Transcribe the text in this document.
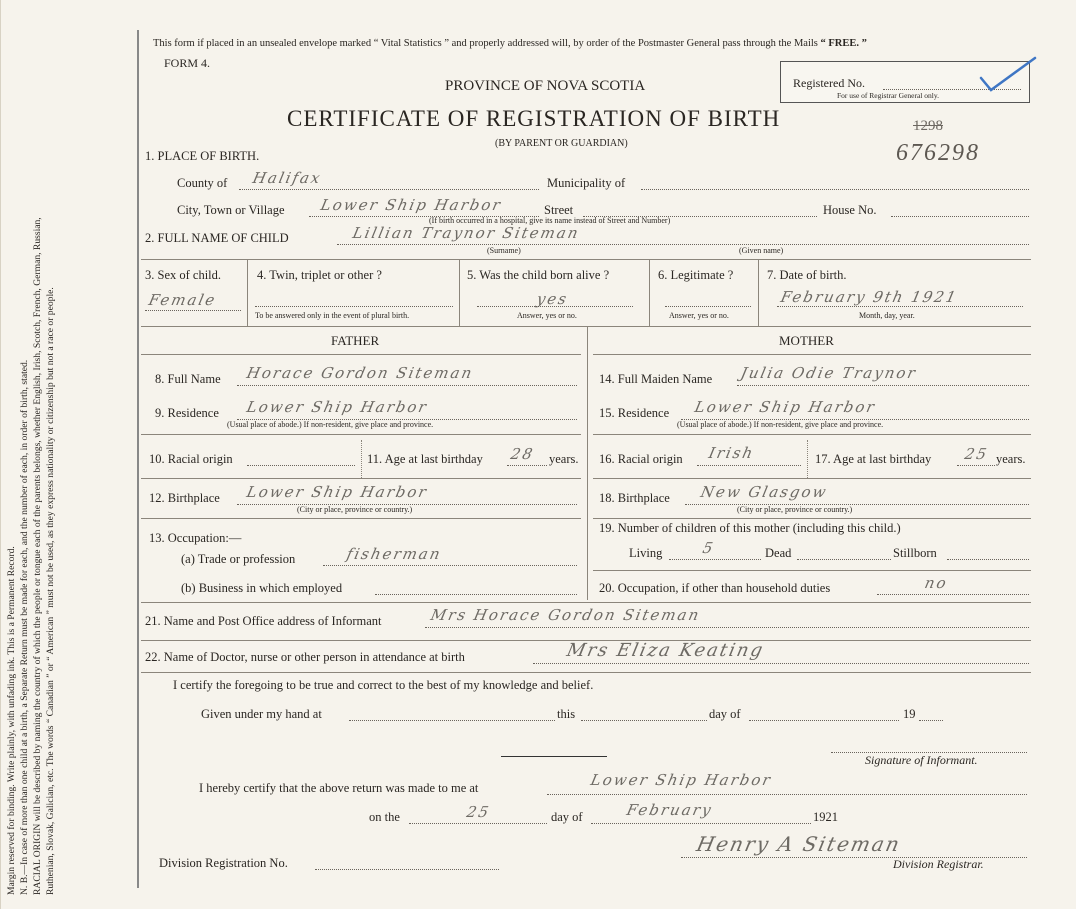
Margin reserved for binding. Write plainly, with unfading ink. This is a Permanent Record. N. B.—In case of more than one child at a birth, a Separate Return must be made for each, and the number of each, in order of birth, stated. RACIAL ORIGIN will be described by naming the country of which the people or tongue each of the parents belongs, whether English, Irish, Scotch, French, German, Russian, Ruthenian, Slovak, Galician, etc. The words “ Canadian ” or “ American ” must not be used, as they express nationality or citizenship but not a race or people.
This form if placed in an unsealed envelope marked “ Vital Statistics ” and properly addressed will, by order of the Postmaster General pass through the Mails “ FREE. ”
FORM 4.
PROVINCE OF NOVA SCOTIA
CERTIFICATE OF REGISTRATION OF BIRTH
(BY PARENT OR GUARDIAN)
Registered No.
For use of Registrar General only.
1298
676298
1. PLACE OF BIRTH.
County of Halifax	Municipality of
City, Town or Village Lower Ship Harbor	Street
(If birth occurred in a hospital, give its name instead of Street and Number)
House No.
2. FULL NAME OF CHILD	Lillian Traynor Siteman
(Surname)	(Given name)
3. Sex of child.
Female
4. Twin, triplet or other ?
To be answered only in the event of plural birth.
5. Was the child born alive ?
yes
Answer, yes or no.
6. Legitimate ?
Answer, yes or no.
7. Date of birth.
February 9th 1921
Month, day, year.
FATHER	MOTHER
8. Full Name Horace Gordon Siteman
9. Residence Lower Ship Harbor
(Usual place of abode.) If non-resident, give place and province.
10. Racial origin	11. Age at last birthday 28 years.
12. Birthplace Lower Ship Harbor
(City or place, province or country.)
13. Occupation:—
(a) Trade or profession	fisherman
(b) Business in which employed
14. Full Maiden Name Julia Odie Traynor
15. Residence Lower Ship Harbor
(Usual place of abode.) If non-resident, give place and province.
16. Racial origin Irish	17. Age at last birthday 25 years.
18. Birthplace New Glasgow
(City or place, province or country.)
19. Number of children of this mother (including this child.)
Living	5	Dead	Stillborn
20. Occupation, if other than household duties	no
21. Name and Post Office address of Informant	Mrs Horace Gordon Siteman
22. Name of Doctor, nurse or other person in attendance at birth	Mrs Eliza Keating
I certify the foregoing to be true and correct to the best of my knowledge and belief.
Given under my hand at	this	day of	19
Signature of Informant.
I hereby certify that the above return was made to me at	Lower Ship Harbor
on the	25	day of	February	1921
Division Registration No.
Henry A Siteman
Division Registrar.
